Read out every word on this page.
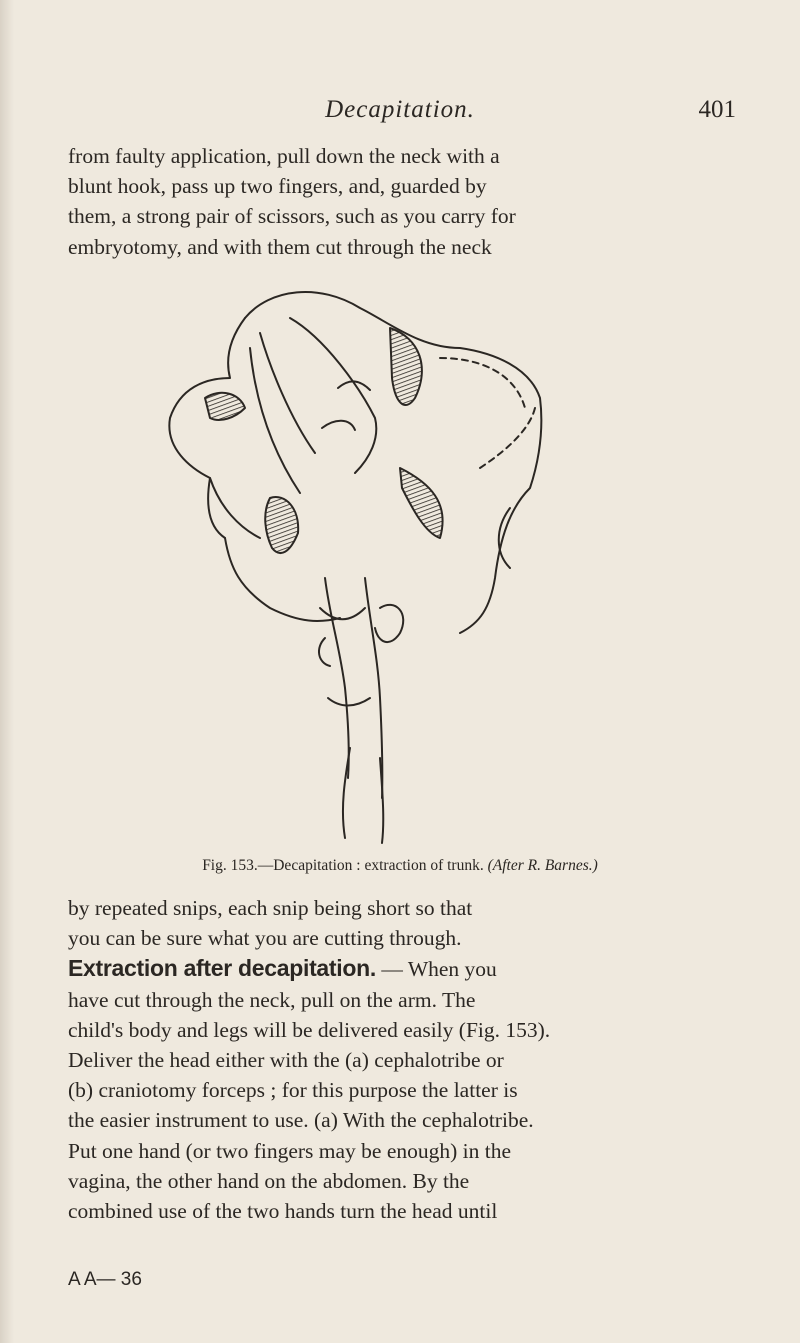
Decapitation.	401

from faulty application, pull down the neck with a

blunt hook, pass up two fingers, and, guarded by

them, a strong pair of scissors, such as you carry for

embryotomy, and with them cut through the neck

Fig. 153.—Decapitation : extraction of trunk. (After R. Barnes.)

by repeated snips, each snip being short so that

you can be sure what you are cutting through.

Extraction after decapitation. — When you

have cut through the neck, pull on the arm. The

child's body and legs will be delivered easily (Fig. 153).

Deliver the head either with the (a) cephalotribe or

(b) craniotomy forceps ; for this purpose the latter is

the easier instrument to use. (a) With the cephalotribe.

Put one hand (or two fingers may be enough) in the

vagina, the other hand on the abdomen. By the

combined use of the two hands turn the head until

A A— 36
